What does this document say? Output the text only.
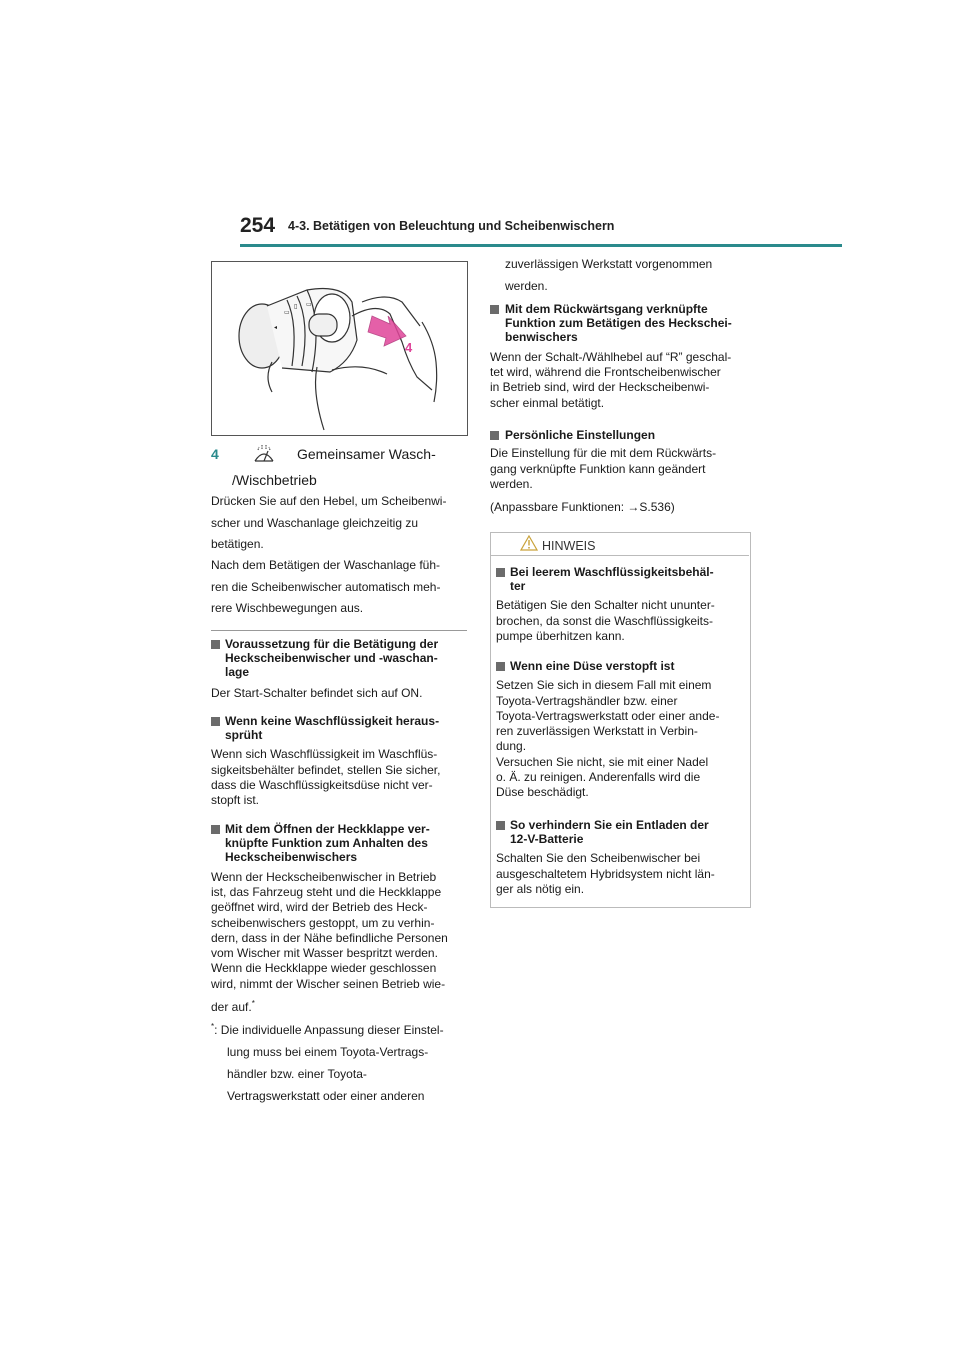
254 4-3. Betätigen von Beleuchtung und Scheibenwischern
◂
▭
▯ ▭
4
4	Gemeinsamer Wasch-
/Wischbetrieb
Drücken Sie auf den Hebel, um Scheibenwi-
scher und Waschanlage gleichzeitig zu
betätigen.
Nach dem Betätigen der Waschanlage füh-
ren die Scheibenwischer automatisch meh-
rere Wischbewegungen aus.
Voraussetzung für die Betätigung der
Heckscheibenwischer und -waschan-
lage
Der Start-Schalter befindet sich auf ON.
Wenn keine Waschflüssigkeit heraus-
sprüht
Wenn sich Waschflüssigkeit im Waschflüs-
sigkeitsbehälter befindet, stellen Sie sicher,
dass die Waschflüssigkeitsdüse nicht ver-
stopft ist.
Mit dem Öffnen der Heckklappe ver-
knüpfte Funktion zum Anhalten des
Heckscheibenwischers
Wenn der Heckscheibenwischer in Betrieb
ist, das Fahrzeug steht und die Heckklappe
geöffnet wird, wird der Betrieb des Heck-
scheibenwischers gestoppt, um zu verhin-
dern, dass in der Nähe befindliche Personen
vom Wischer mit Wasser bespritzt werden.
Wenn die Heckklappe wieder geschlossen
wird, nimmt der Wischer seinen Betrieb wie-
der auf.*
*: Die individuelle Anpassung dieser Einstel-
lung muss bei einem Toyota-Vertrags-
händler bzw. einer Toyota-
Vertragswerkstatt oder einer anderen
zuverlässigen Werkstatt vorgenommen
werden.
Mit dem Rückwärtsgang verknüpfte
Funktion zum Betätigen des Heckschei-
benwischers
Wenn der Schalt-/Wählhebel auf “R” geschal-
tet wird, während die Frontscheibenwischer
in Betrieb sind, wird der Heckscheibenwi-
scher einmal betätigt.
Persönliche Einstellungen
Die Einstellung für die mit dem Rückwärts-
gang verknüpfte Funktion kann geändert
werden.
(Anpassbare Funktionen: →S.536)
HINWEIS
Bei leerem Waschflüssigkeitsbehäl-
ter
Betätigen Sie den Schalter nicht ununter-
brochen, da sonst die Waschflüssigkeits-
pumpe überhitzen kann.
Wenn eine Düse verstopft ist
Setzen Sie sich in diesem Fall mit einem
Toyota-Vertragshändler bzw. einer
Toyota-Vertragswerkstatt oder einer ande-
ren zuverlässigen Werkstatt in Verbin-
dung.
Versuchen Sie nicht, sie mit einer Nadel
o. Ä. zu reinigen. Anderenfalls wird die
Düse beschädigt.
So verhindern Sie ein Entladen der
12-V-Batterie
Schalten Sie den Scheibenwischer bei
ausgeschaltetem Hybridsystem nicht län-
ger als nötig ein.
